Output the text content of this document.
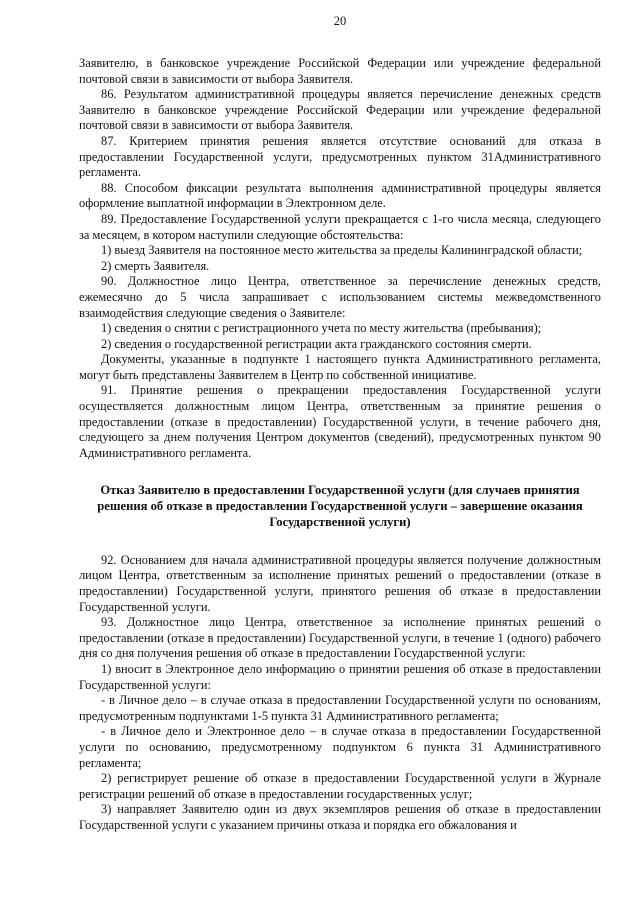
20

Заявителю, в банковское учреждение Российской Федерации или учреждение федеральной почтовой связи в зависимости от выбора Заявителя.

86. Результатом административной процедуры является перечисление денежных средств Заявителю в банковское учреждение Российской Федерации или учреждение федеральной почтовой связи в зависимости от выбора Заявителя.

87. Критерием принятия решения является отсутствие оснований для отказа в предоставлении Государственной услуги, предусмотренных пунктом 31Административного регламента.

88. Способом фиксации результата выполнения административной процедуры является оформление выплатной информации в Электронном деле.

89. Предоставление Государственной услуги прекращается с 1-го числа месяца, следующего за месяцем, в котором наступили следующие обстоятельства:

1) выезд Заявителя на постоянное место жительства за пределы Калининградской области;

2) смерть Заявителя.

90. Должностное лицо Центра, ответственное за перечисление денежных средств, ежемесячно до 5 числа запрашивает с использованием системы межведомственного взаимодействия следующие сведения о Заявителе:

1) сведения о снятии с регистрационного учета по месту жительства (пребывания);

2) сведения о государственной регистрации акта гражданского состояния смерти.

Документы, указанные в подпункте 1 настоящего пункта Административного регламента, могут быть представлены Заявителем в Центр по собственной инициативе.

91. Принятие решения о прекращении предоставления Государственной услуги осуществляется должностным лицом Центра, ответственным за принятие решения о предоставлении (отказе в предоставлении) Государственной услуги, в течение рабочего дня, следующего за днем получения Центром документов (сведений), предусмотренных пунктом 90 Административного регламента.

Отказ Заявителю в предоставлении Государственной услуги (для случаев принятия решения об отказе в предоставлении Государственной услуги – завершение оказания Государственной услуги)

92. Основанием для начала административной процедуры является получение должностным лицом Центра, ответственным за исполнение принятых решений о предоставлении (отказе в предоставлении) Государственной услуги, принятого решения об отказе в предоставлении Государственной услуги.

93. Должностное лицо Центра, ответственное за исполнение принятых решений о предоставлении (отказе в предоставлении) Государственной услуги, в течение 1 (одного) рабочего дня со дня получения решения об отказе в предоставлении Государственной услуги:

1) вносит в Электронное дело информацию о принятии решения об отказе в предоставлении Государственной услуги:

- в Личное дело – в случае отказа в предоставлении Государственной услуги по основаниям, предусмотренным подпунктами 1-5 пункта 31 Административного регламента;

- в Личное дело и Электронное дело – в случае отказа в предоставлении Государственной услуги по основанию, предусмотренному подпунктом 6 пункта 31 Административного регламента;

2) регистрирует решение об отказе в предоставлении Государственной услуги в Журнале регистрации решений об отказе в предоставлении государственных услуг;

3) направляет Заявителю один из двух экземпляров решения об отказе в предоставлении Государственной услуги с указанием причины отказа и порядка его обжалования и
